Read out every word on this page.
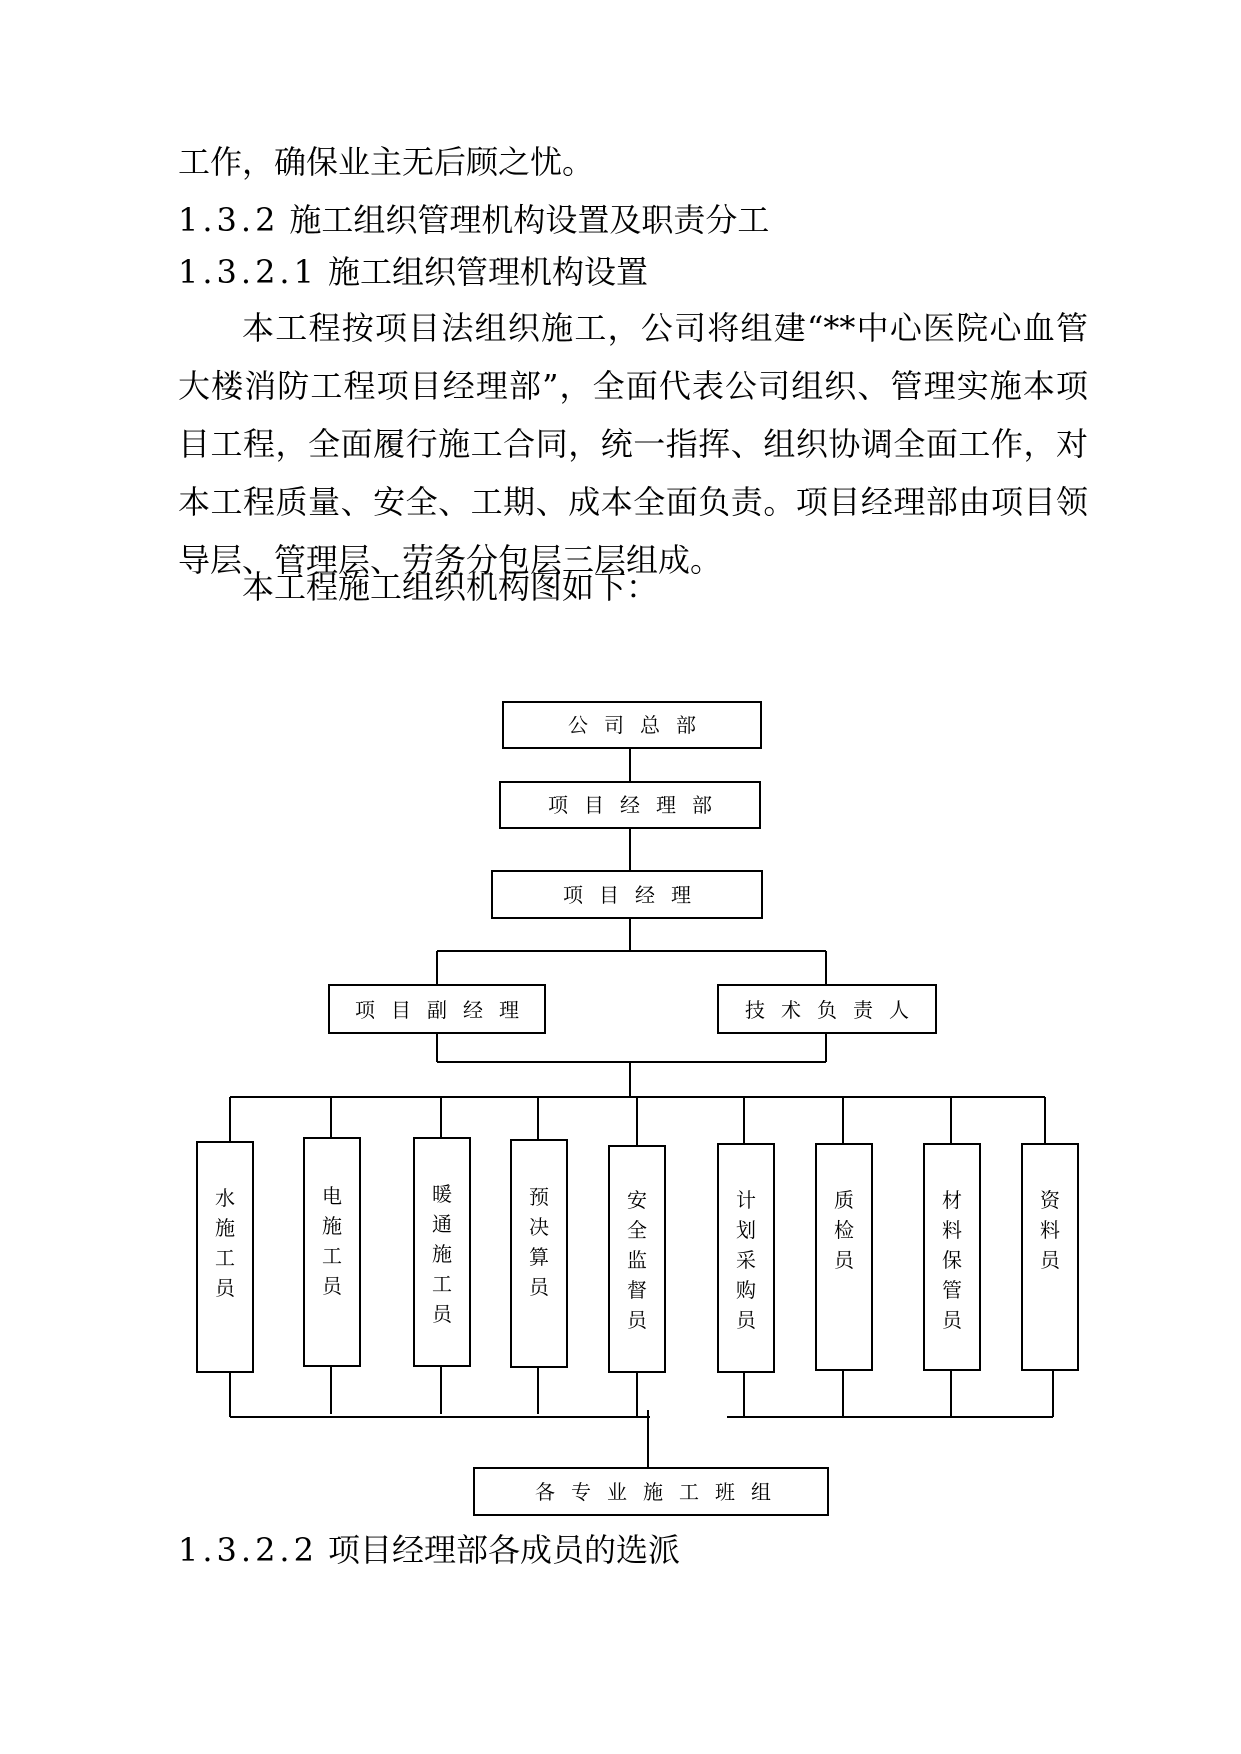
工作，确保业主无后顾之忧。
1.3.2 施工组织管理机构设置及职责分工
1.3.2.1 施工组织管理机构设置

本工程按项目法组织施工，公司将组建“**中心医院心血管大楼消防工程项目经理部”，全面代表公司组织、管理实施本项目工程，全面履行施工合同，统一指挥、组织协调全面工作，对本工程质量、安全、工期、成本全面负责。项目经理部由项目领导层、管理层、劳务分包层三层组成。

本工程施工组织机构图如下：

公司总部
项目经理部
项目经理
项目副经理	技术负责人
水施工员
电施工员
暖通施工员
预决算员
安全监督员
计划采购员
质检员
材料保管员
资料员
各专业施工班组
1.3.2.2 项目经理部各成员的选派
